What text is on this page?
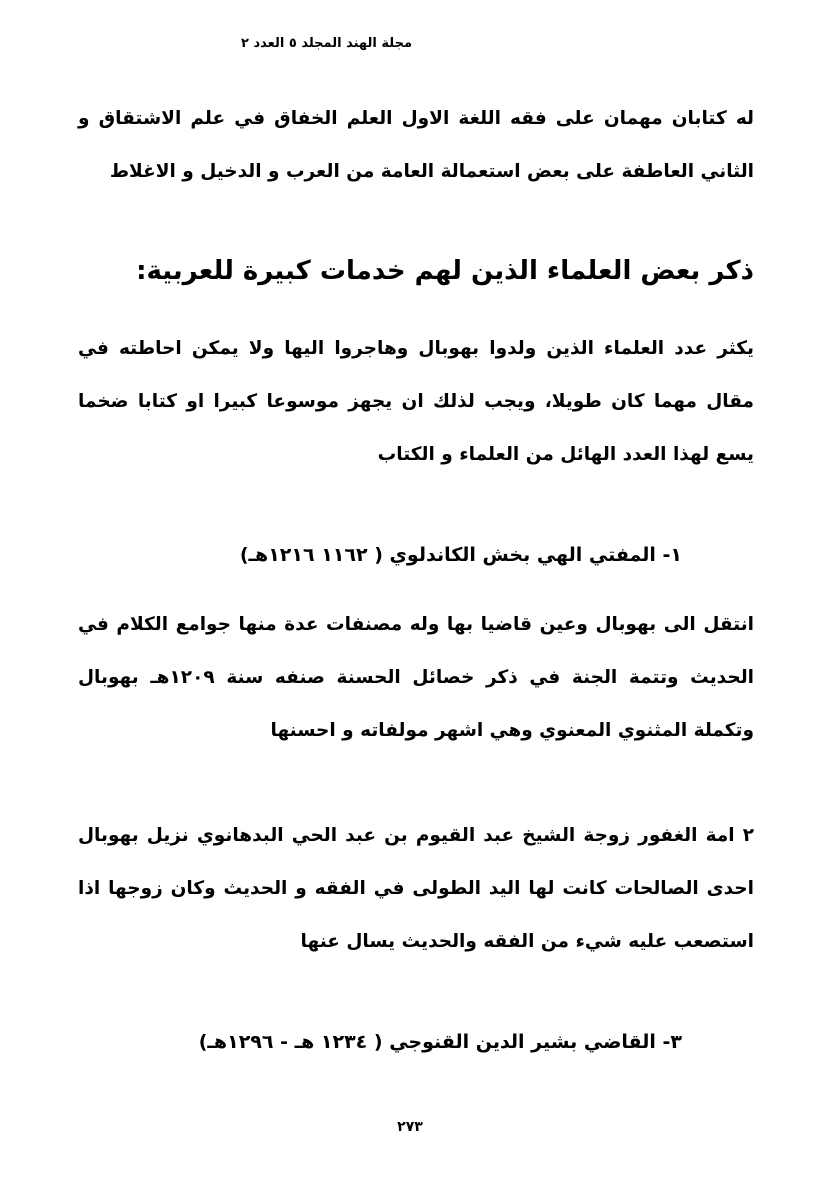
مجلة الهند المجلد ٥ العدد ٢
له كتابان مهمان على فقه اللغة الاول العلم الخفاق في علم الاشتقاق و الثاني العاطفة على بعض استعمالة العامة من العرب و الدخيل و الاغلاط
ذكر بعض العلماء الذين لهم خدمات كبيرة للعربية:
يكثر عدد العلماء الذين ولدوا بهوبال وهاجروا اليها ولا يمكن احاطته في مقال مهما كان طويلا، ويجب لذلك ان يجهز موسوعا كبيرا او كتابا ضخما يسع لهذا العدد الهائل من العلماء و الكتاب
١- المفتي الهي بخش الكاندلوي ( ١١٦٢ ١٢١٦هـ)
انتقل الى بهوبال وعين قاضيا بها وله مصنفات عدة منها جوامع الكلام في الحديث وتتمة الجنة في ذكر خصائل الحسنة صنفه سنة ١٢٠٩هـ بهوبال وتكملة المثنوي المعنوي وهي اشهر مولفاته و احسنها
٢ امة الغفور زوجة الشيخ عبد القيوم بن عبد الحي البدهانوي نزيل بهوبال احدى الصالحات كانت لها اليد الطولى في الفقه و الحديث وكان زوجها اذا استصعب عليه شيء من الفقه والحديث يسال عنها
٣- القاضي بشير الدين القنوجي ( ١٢٣٤ هـ - ١٢٩٦هـ)
٢٧٣
